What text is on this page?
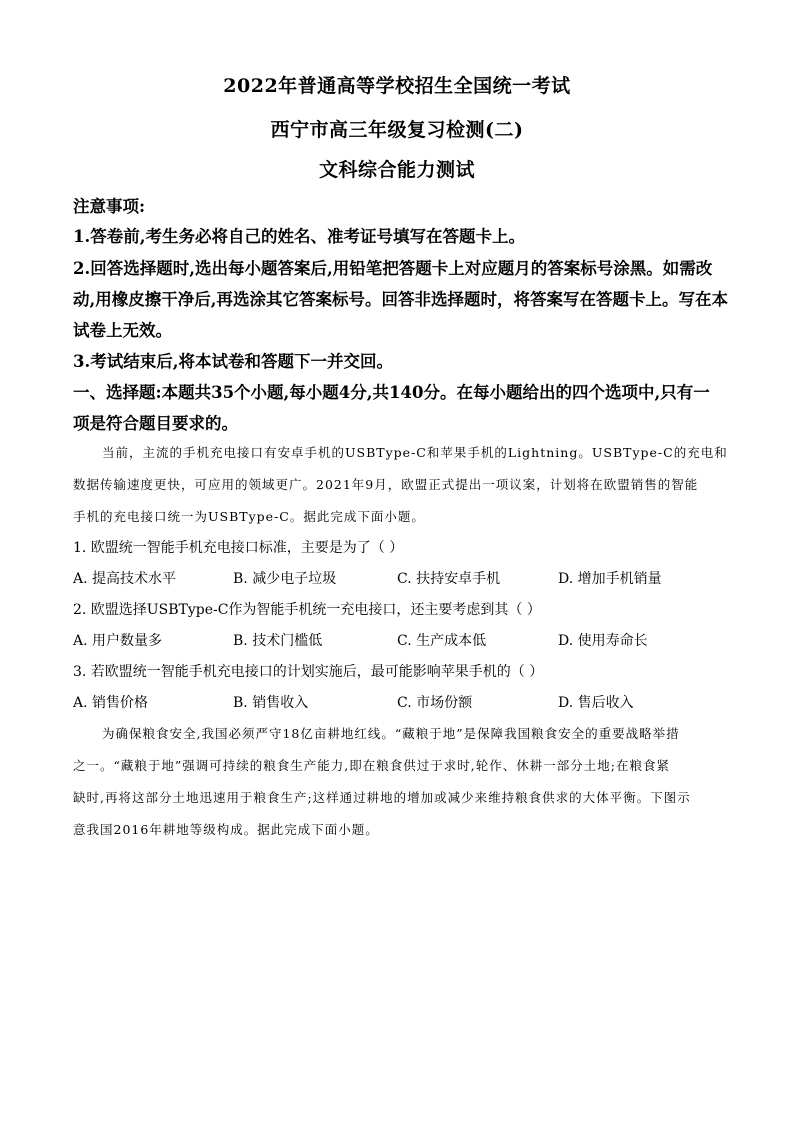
2022年普通高等学校招生全国统一考试
西宁市高三年级复习检测(二)
文科综合能力测试
注意事项:
1.答卷前,考生务必将自己的姓名、准考证号填写在答题卡上。
2.回答选择题时,选出每小题答案后,用铅笔把答题卡上对应题月的答案标号涂黑。如需改
动,用橡皮擦干净后,再选涂其它答案标号。回答非选择题时，将答案写在答题卡上。写在本
试卷上无效。
3.考试结束后,将本试卷和答题下一并交回。
一、选择题:本题共35个小题,每小题4分,共140分。在每小题给出的四个选项中,只有一
项是符合题目要求的。
当前，主流的手机充电接口有安卓手机的USBType-C和苹果手机的Lightning。USBType-C的充电和
数据传输速度更快，可应用的领域更广。2021年9月，欧盟正式提出一项议案，计划将在欧盟销售的智能
手机的充电接口统一为USBType-C。据此完成下面小题。
1. 欧盟统一智能手机充电接口标准，主要是为了（ ）
A. 提高技术水平	B. 减少电子垃圾	C. 扶持安卓手机	D. 增加手机销量
2. 欧盟选择USBType-C作为智能手机统一充电接口，还主要考虑到其（ ）
A. 用户数量多	B. 技术门槛低	C. 生产成本低	D. 使用寿命长
3. 若欧盟统一智能手机充电接口的计划实施后，最可能影响苹果手机的（ ）
A. 销售价格	B. 销售收入	C. 市场份额	D. 售后收入
为确保粮食安全,我国必须严守18亿亩耕地红线。“藏粮于地”是保障我国粮食安全的重要战略举措
之一。“藏粮于地”强调可持续的粮食生产能力,即在粮食供过于求时,轮作、休耕一部分土地;在粮食紧
缺时,再将这部分土地迅速用于粮食生产;这样通过耕地的增加或减少来维持粮食供求的大体平衡。下图示
意我国2016年耕地等级构成。据此完成下面小题。
